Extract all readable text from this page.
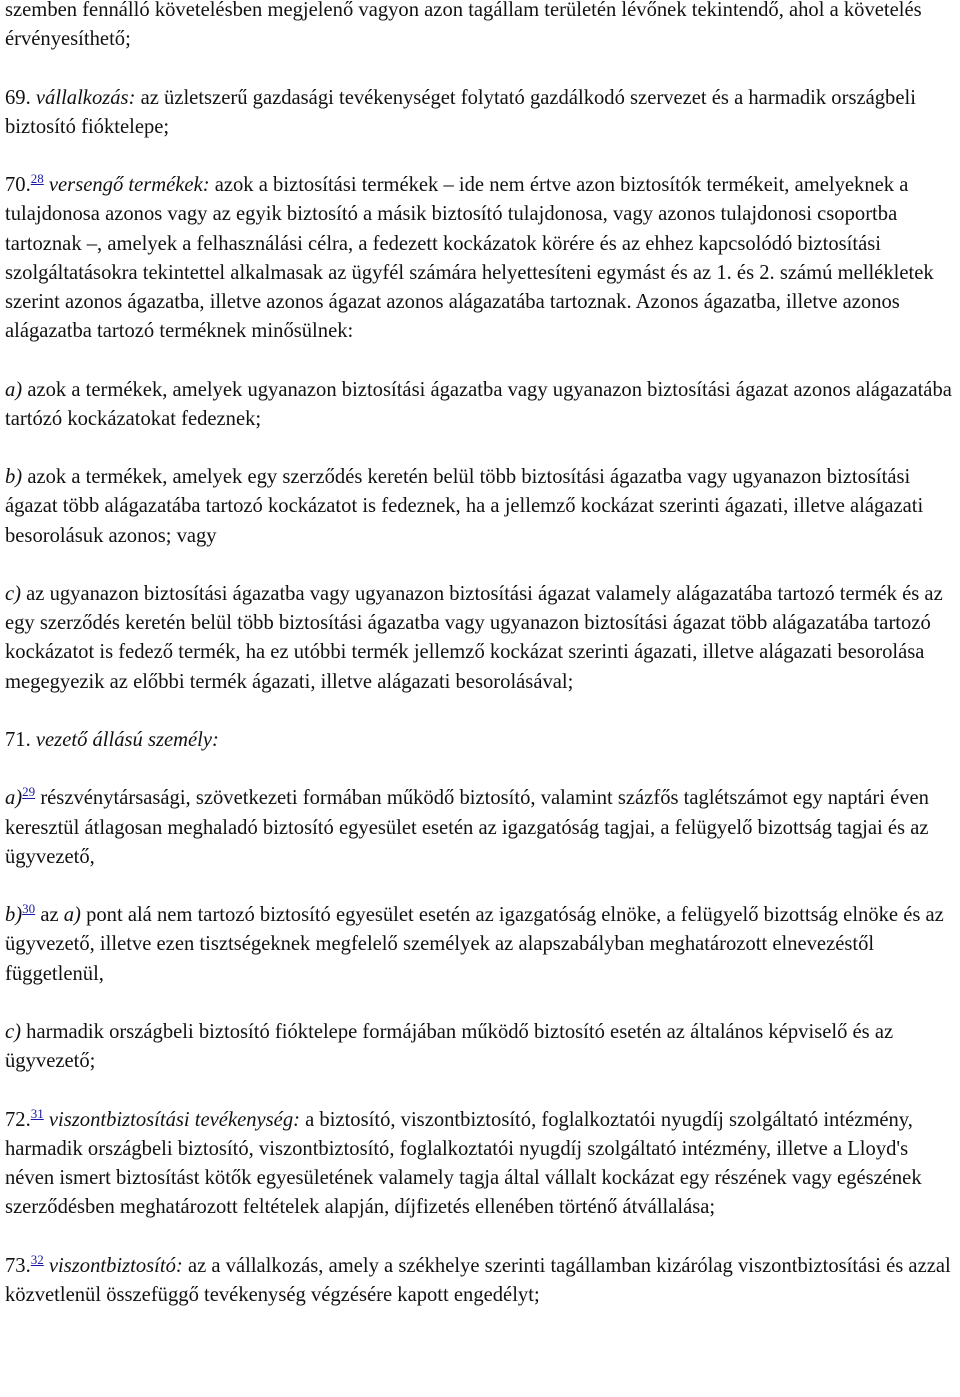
szemben fennálló követelésben megjelenő vagyon azon tagállam területén lévőnek tekintendő, ahol a követelés érvényesíthető;

69. vállalkozás: az üzletszerű gazdasági tevékenységet folytató gazdálkodó szervezet és a harmadik országbeli biztosító fióktelepe;

70.28 versengő termékek: azok a biztosítási termékek – ide nem értve azon biztosítók termékeit, amelyeknek a tulajdonosa azonos vagy az egyik biztosító a másik biztosító tulajdonosa, vagy azonos tulajdonosi csoportba tartoznak –, amelyek a felhasználási célra, a fedezett kockázatok körére és az ehhez kapcsolódó biztosítási szolgáltatásokra tekintettel alkalmasak az ügyfél számára helyettesíteni egymást és az 1. és 2. számú mellékletek szerint azonos ágazatba, illetve azonos ágazat azonos alágazatába tartoznak. Azonos ágazatba, illetve azonos alágazatba tartozó terméknek minősülnek:

a) azok a termékek, amelyek ugyanazon biztosítási ágazatba vagy ugyanazon biztosítási ágazat azonos alágazatába tartózó kockázatokat fedeznek;

b) azok a termékek, amelyek egy szerződés keretén belül több biztosítási ágazatba vagy ugyanazon biztosítási ágazat több alágazatába tartozó kockázatot is fedeznek, ha a jellemző kockázat szerinti ágazati, illetve alágazati besorolásuk azonos; vagy

c) az ugyanazon biztosítási ágazatba vagy ugyanazon biztosítási ágazat valamely alágazatába tartozó termék és az egy szerződés keretén belül több biztosítási ágazatba vagy ugyanazon biztosítási ágazat több alágazatába tartozó kockázatot is fedező termék, ha ez utóbbi termék jellemző kockázat szerinti ágazati, illetve alágazati besorolása megegyezik az előbbi termék ágazati, illetve alágazati besorolásával;

71. vezető állású személy:

a)$^{29}$ részvénytársasági, szövetkezeti formában működő biztosító, valamint százfős taglétszámot egy naptári éven keresztül átlagosan meghaladó biztosító egyesület esetén az igazgatóság tagjai, a felügyelő bizottság tagjai és az ügyvezető,

b)$^{30}$ az a) pont alá nem tartozó biztosító egyesület esetén az igazgatóság elnöke, a felügyelő bizottság elnöke és az ügyvezető, illetve ezen tisztségeknek megfelelő személyek az alapszabályban meghatározott elnevezéstől függetlenül,

c) harmadik országbeli biztosító fióktelepe formájában működő biztosító esetén az általános képviselő és az ügyvezető;

72.31 viszontbiztosítási tevékenység: a biztosító, viszontbiztosító, foglalkoztatói nyugdíj szolgáltató intézmény, harmadik országbeli biztosító, viszontbiztosító, foglalkoztatói nyugdíj szolgáltató intézmény, illetve a Lloyd's néven ismert biztosítást kötők egyesületének valamely tagja által vállalt kockázat egy részének vagy egészének szerződésben meghatározott feltételek alapján, díjfizetés ellenében történő átvállalása;

73.32 viszontbiztosító: az a vállalkozás, amely a székhelye szerinti tagállamban kizárólag viszontbiztosítási és azzal közvetlenül összefüggő tevékenység végzésére kapott engedélyt;
